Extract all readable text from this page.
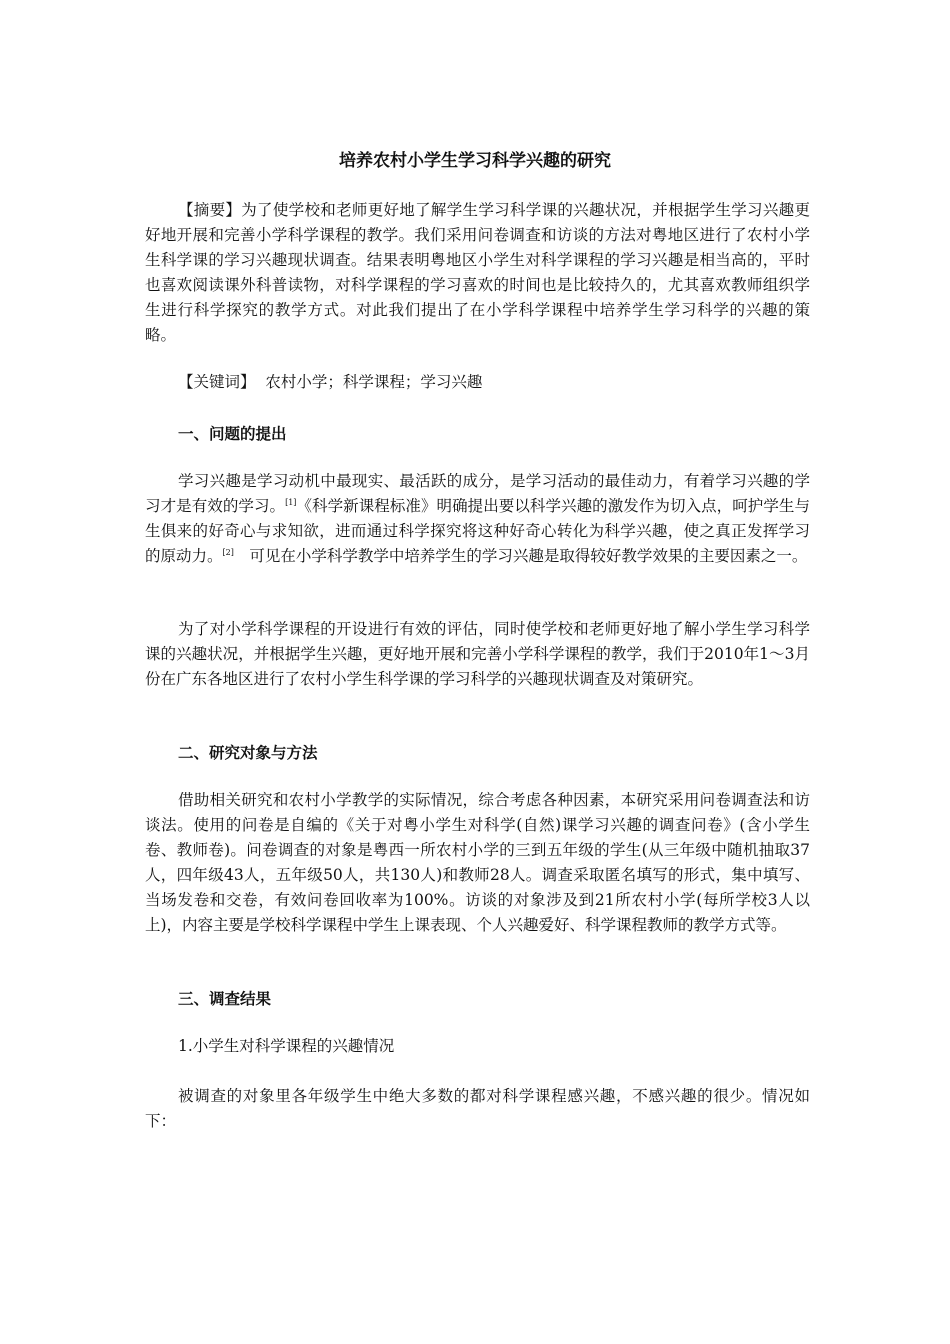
培养农村小学生学习科学兴趣的研究

【摘要】为了使学校和老师更好地了解学生学习科学课的兴趣状况，并根据学生学习兴趣更好地开展和完善小学科学课程的教学。我们采用问卷调查和访谈的方法对粤地区进行了农村小学生科学课的学习兴趣现状调查。结果表明粤地区小学生对科学课程的学习兴趣是相当高的，平时也喜欢阅读课外科普读物，对科学课程的学习喜欢的时间也是比较持久的，尤其喜欢教师组织学生进行科学探究的教学方式。对此我们提出了在小学科学课程中培养学生学习科学的兴趣的策略。

【关键词】 农村小学；科学课程；学习兴趣

一、问题的提出

学习兴趣是学习动机中最现实、最活跃的成分，是学习活动的最佳动力，有着学习兴趣的学习才是有效的学习。[1]《科学新课程标准》明确提出要以科学兴趣的激发作为切入点，呵护学生与生俱来的好奇心与求知欲，进而通过科学探究将这种好奇心转化为科学兴趣，使之真正发挥学习的原动力。[2]　可见在小学科学教学中培养学生的学习兴趣是取得较好教学效果的主要因素之一。

为了对小学科学课程的开设进行有效的评估，同时使学校和老师更好地了解小学生学习科学课的兴趣状况，并根据学生兴趣，更好地开展和完善小学科学课程的教学，我们于2010年1～3月份在广东各地区进行了农村小学生科学课的学习科学的兴趣现状调查及对策研究。

二、研究对象与方法

借助相关研究和农村小学教学的实际情况，综合考虑各种因素，本研究采用问卷调查法和访谈法。使用的问卷是自编的《关于对粤小学生对科学(自然)课学习兴趣的调查问卷》(含小学生卷、教师卷)。问卷调查的对象是粤西一所农村小学的三到五年级的学生(从三年级中随机抽取37人，四年级43人，五年级50人，共130人)和教师28人。调查采取匿名填写的形式，集中填写、当场发卷和交卷，有效问卷回收率为100%。访谈的对象涉及到21所农村小学(每所学校3人以上)，内容主要是学校科学课程中学生上课表现、个人兴趣爱好、科学课程教师的教学方式等。

三、调查结果

1.小学生对科学课程的兴趣情况

被调查的对象里各年级学生中绝大多数的都对科学课程感兴趣，不感兴趣的很少。情况如下：
